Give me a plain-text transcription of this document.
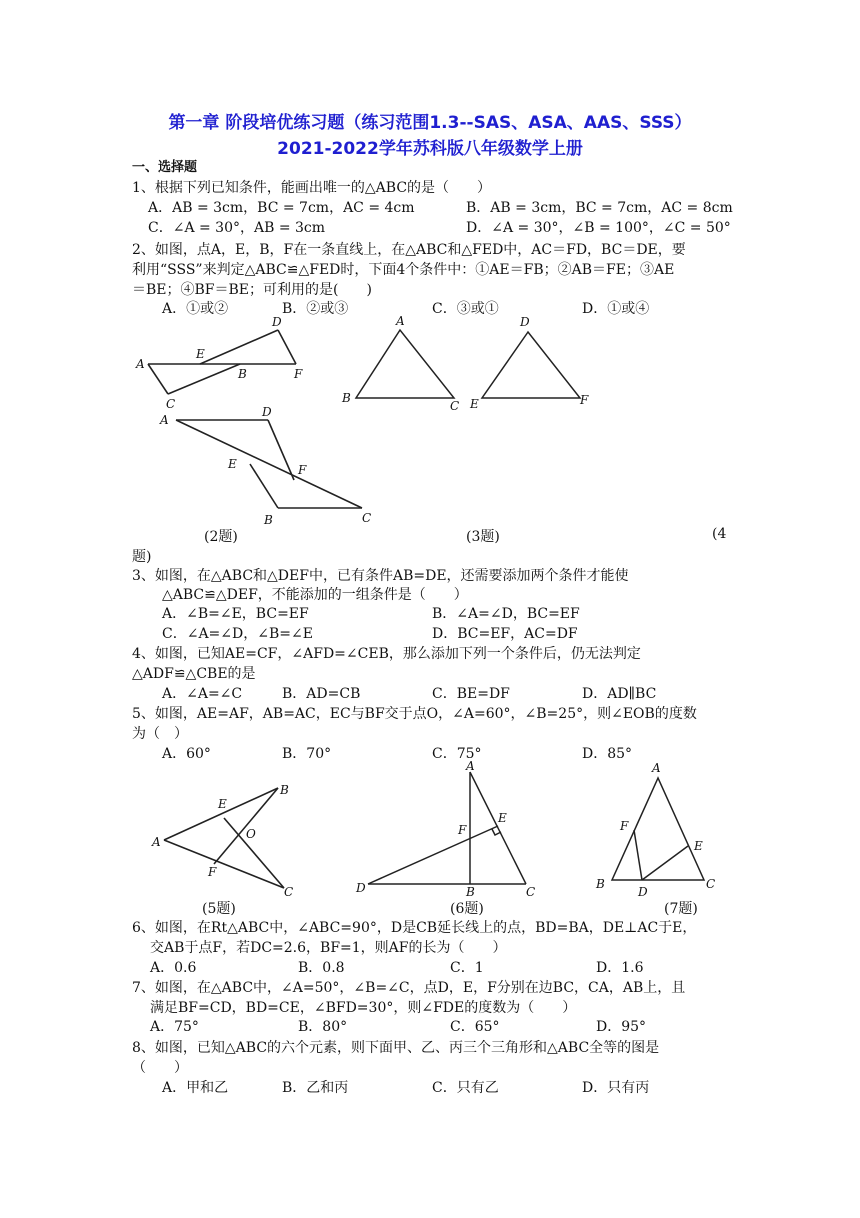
第一章 阶段培优练习题（练习范围1.3--SAS、ASA、AAS、SSS）
2021-2022学年苏科版八年级数学上册
一、选择题
1、根据下列已知条件，能画出唯一的△ABC的是（　　）
A．AB = 3cm，BC = 7cm，AC = 4cm	B．AB = 3cm，BC = 7cm，AC = 8cm
C．∠A = 30°，AB = 3cm	D．∠A = 30°，∠B = 100°，∠C = 50°
2、如图，点A，E，B，F在一条直线上，在△ABC和△FED中，AC＝FD，BC＝DE，要
利用“SSS”来判定△ABC≌△FED时，下面4个条件中：①AE＝FB；②AB＝FE；③AE
＝BE；④BF＝BE；可利用的是(　　)
A．①或②	B．②或③	C．③或①	D．①或④
A
E
D
B	F
C
A
B
C
D
E	F
A
D
E	F
B	C
(2题)	(3题)	(4
题)
3、如图，在△ABC和△DEF中，已有条件AB=DE，还需要添加两个条件才能使
△ABC≌△DEF，不能添加的一组条件是（　　）
A．∠B=∠E，BC=EF	B．∠A=∠D，BC=EF
C．∠A=∠D，∠B=∠E	D．BC=EF，AC=DF
4、如图，已知AE=CF，∠AFD=∠CEB，那么添加下列一个条件后，仍无法判定
△ADF≌△CBE的是
A．∠A=∠C	B．AD=CB	C．BE=DF	D．AD∥BC
5、如图，AE=AF，AB=AC，EC与BF交于点O，∠A=60°，∠B=25°，则∠EOB的度数
为（　）
A．60°	B．70°	C．75°	D．85°
A
E
B
O
F
C
A
F
E
D	B	C
A
F
E
B
D
C
(5题)	(6题)	(7题)
6、如图，在Rt△ABC中，∠ABC=90°，D是CB延长线上的点，BD=BA，DE⊥AC于E，
交AB于点F，若DC=2.6，BF=1，则AF的长为（　　）
A．0.6	B．0.8	C．1	D．1.6
7、如图，在△ABC中，∠A=50°，∠B=∠C，点D，E，F分别在边BC，CA，AB上，且
满足BF=CD，BD=CE，∠BFD=30°，则∠FDE的度数为（　　）
A．75°	B．80°	C．65°	D．95°
8、如图，已知△ABC的六个元素，则下面甲、乙、丙三个三角形和△ABC全等的图是
（　　）
A．甲和乙	B．乙和丙	C．只有乙	D．只有丙
